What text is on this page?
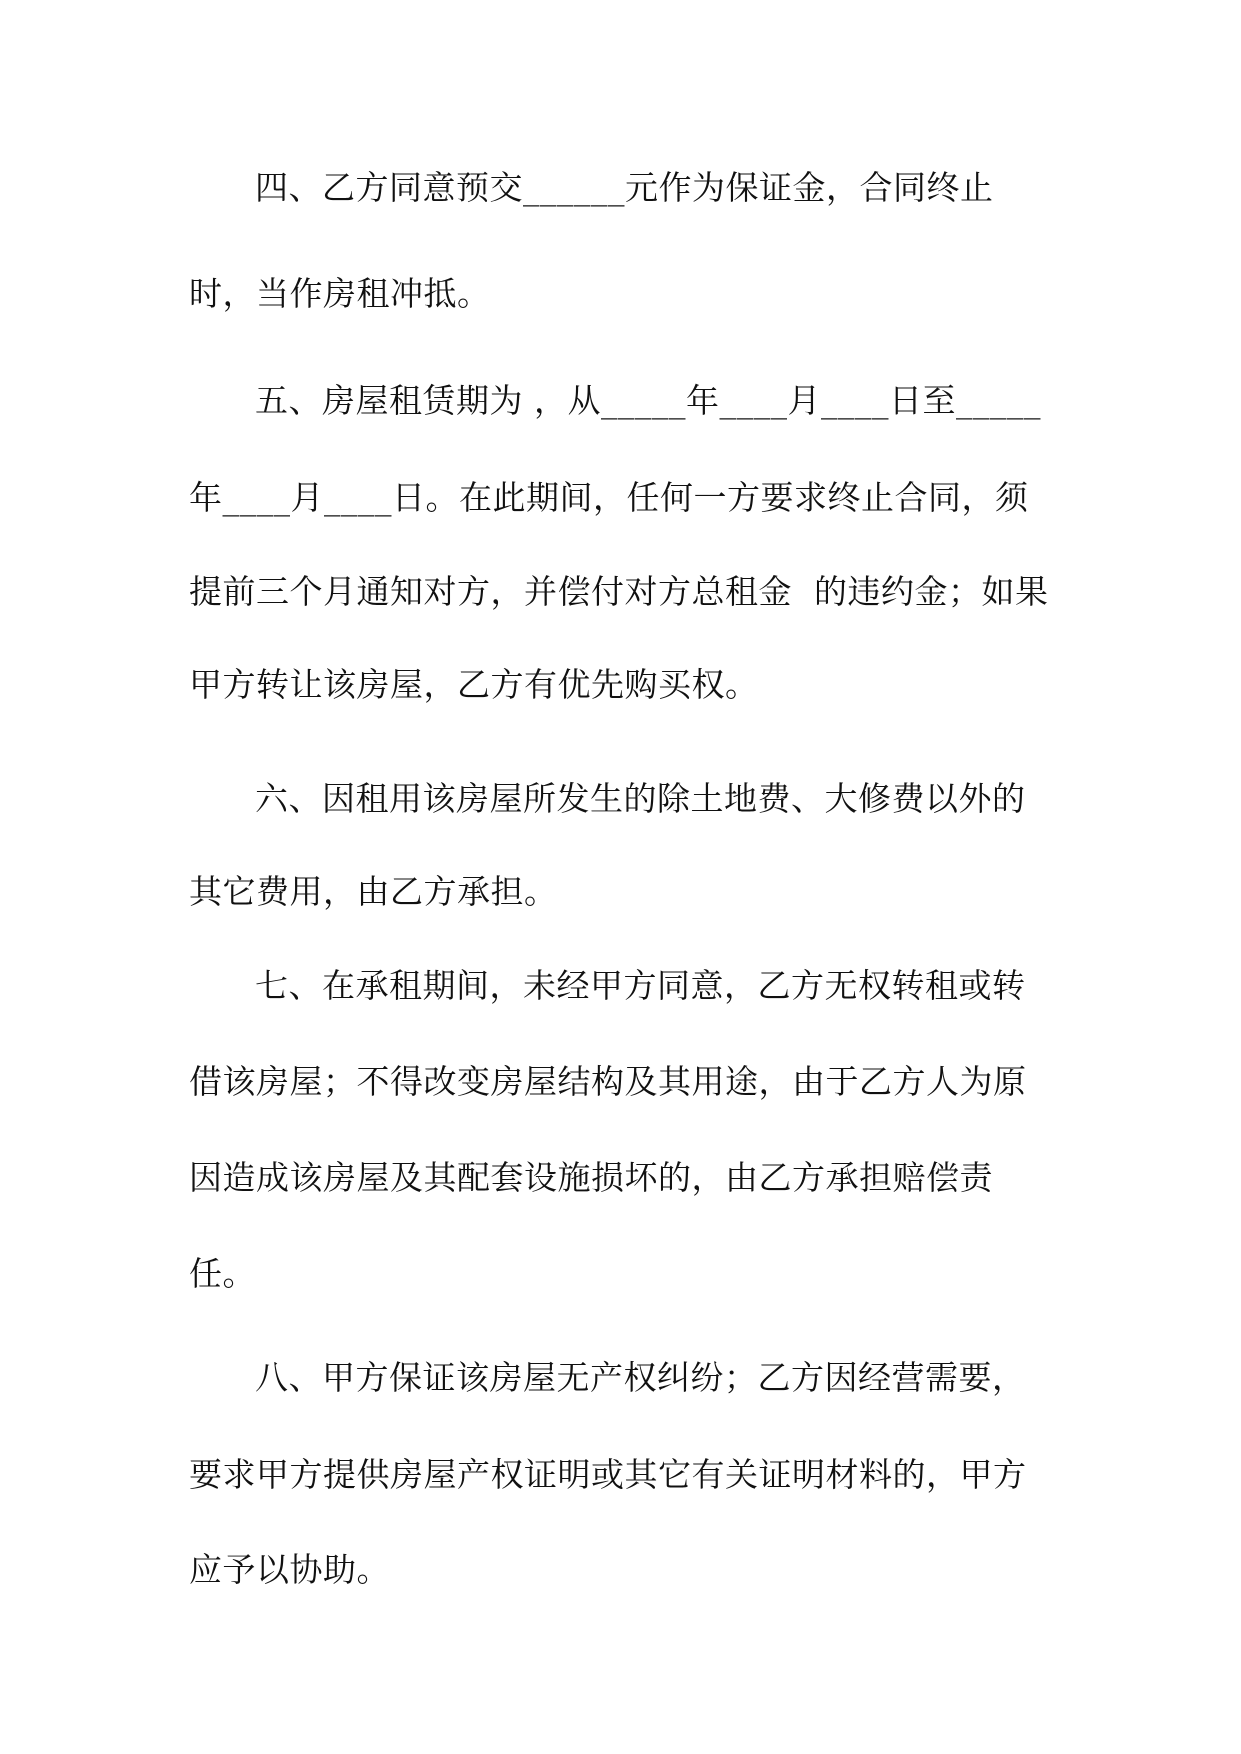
四、乙方同意预交______元作为保证金，合同终止
时，当作房租冲抵。
五、房屋租赁期为 ，从_____年____月____日至_____
年____月____日。在此期间，任何一方要求终止合同，须
提前三个月通知对方，并偿付对方总租金  的违约金；如果
甲方转让该房屋，乙方有优先购买权。
六、因租用该房屋所发生的除土地费、大修费以外的
其它费用，由乙方承担。
七、在承租期间，未经甲方同意，乙方无权转租或转
借该房屋；不得改变房屋结构及其用途，由于乙方人为原
因造成该房屋及其配套设施损坏的，由乙方承担赔偿责
任。
八、甲方保证该房屋无产权纠纷；乙方因经营需要，
要求甲方提供房屋产权证明或其它有关证明材料的，甲方
应予以协助。
